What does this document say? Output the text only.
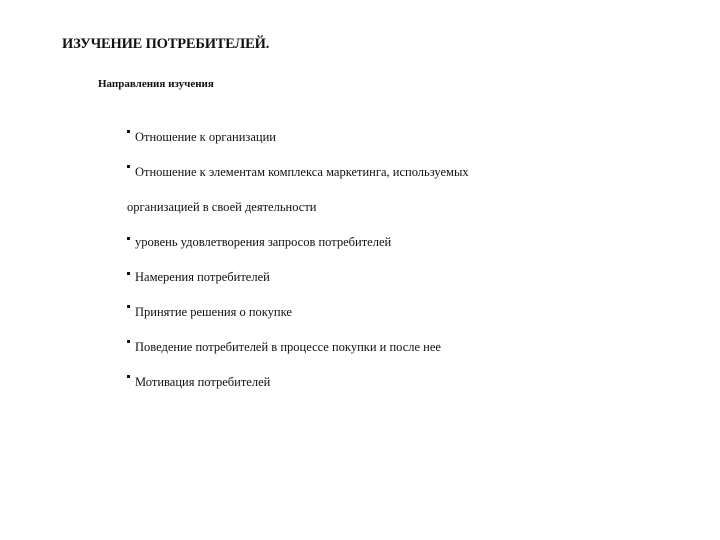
ИЗУЧЕНИЕ ПОТРЕБИТЕЛЕЙ.
Направления изучения
Отношение к организации
Отношение к элементам комплекса маркетинга, используемых
организацией в своей деятельности
уровень удовлетворения запросов потребителей
Намерения потребителей
Принятие решения о покупке
Поведение потребителей в процессе покупки и после нее
Мотивация потребителей
